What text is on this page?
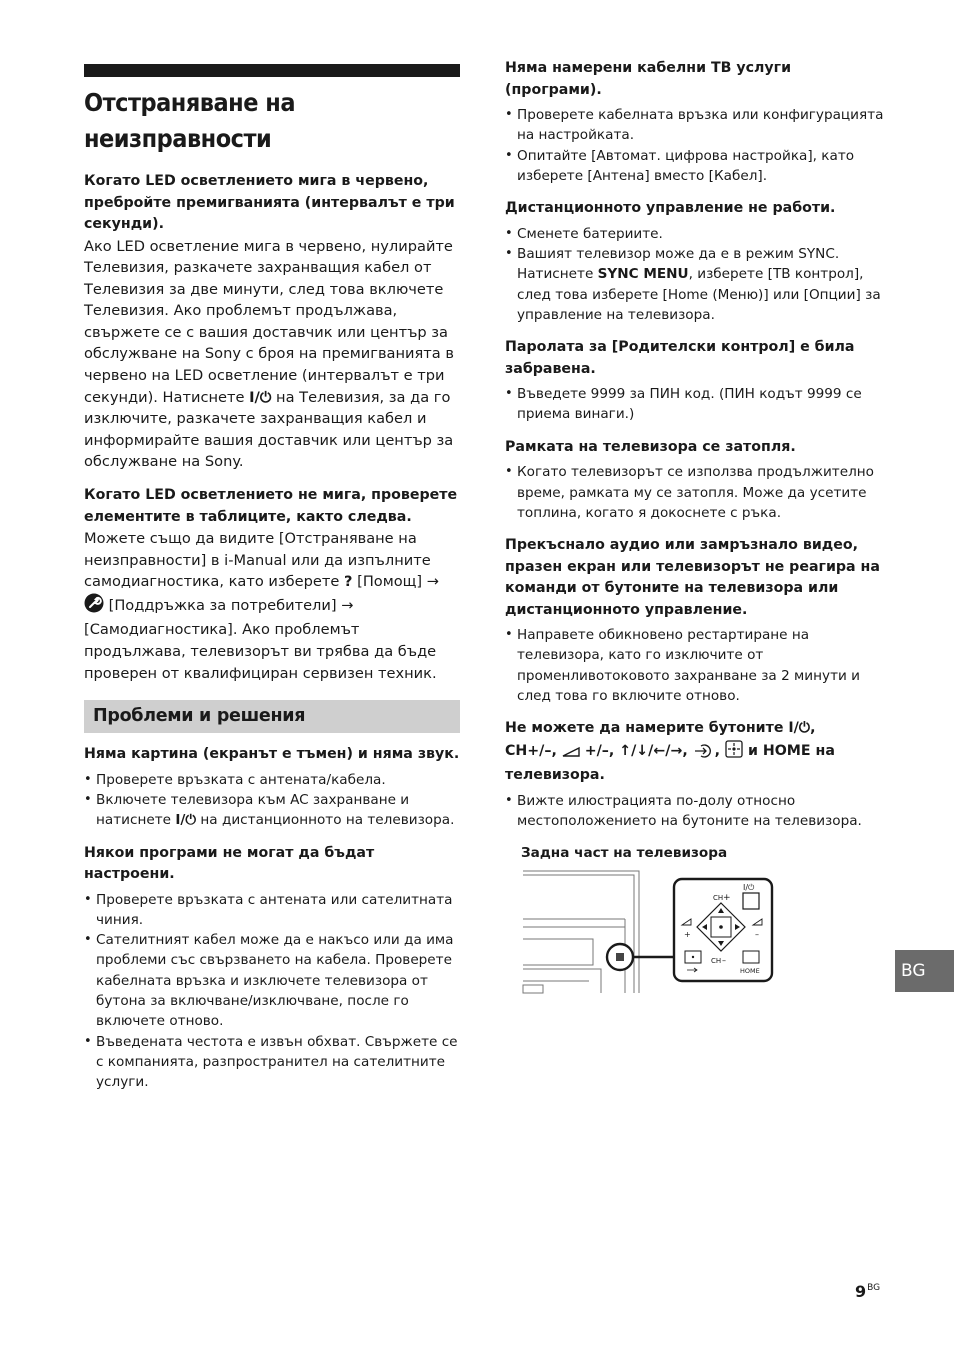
Отстраняване на неизправности
Когато LED осветлението мига в червено, пребройте премигванията (интервалът е три секунди).
Ако LED осветление мига в червено, нулирайте Телевизия, разкачете захранващия кабел от Телевизия за две минути, след това включете Телевизия. Ако проблемът продължава, свържете се с вашия доставчик или център за обслужване на Sony с броя на премигванията в червено на LED осветление (интервалът е три секунди). Натиснете I/⏻ на Телевизия, за да го изключите, разкачете захранващия кабел и информирайте вашия доставчик или център за обслужване на Sony.
Когато LED осветлението не мига, проверете елементите в таблиците, както следва.
Можете също да видите [Отстраняване на неизправности] в i-Manual или да изпълните самодиагностика, като изберете ? [Помощ] →  [Поддръжка за потребители] → [Самодиагностика]. Ако проблемът продължава, телевизорът ви трябва да бъде проверен от квалифициран сервизен техник.
Проблеми и решения
Няма картина (екранът е тъмен) и няма звук.
• Проверете връзката с антената/кабела.
• Включете телевизора към AC захранване и натиснете I/⏻ на дистанционното на телевизора.
Някои програми не могат да бъдат настроени.
• Проверете връзката с антената или сателитната чиния.
• Сателитният кабел може да е накъсо или да има проблеми със свързването на кабела. Проверете кабелната връзка и изключете телевизора от бутона за включване/изключване, после го включете отново.
• Въведената честота е извън обхват. Свържете се с компанията, разпространител на сателитните услуги.
Няма намерени кабелни ТВ услуги (програми).
• Проверете кабелната връзка или конфигурацията на настройката.
• Опитайте [Автомат. цифрова настройка], като изберете [Антена] вместо [Кабел].
Дистанционното управление не работи.
• Сменете батериите.
• Вашият телевизор може да е в режим SYNC. Натиснете SYNC MENU, изберете [ТВ контрол], след това изберете [Home (Меню)] или [Опции] за управление на телевизора.
Паролата за [Родителски контрол] е била забравена.
• Въведете 9999 за ПИН код. (ПИН кодът 9999 се приема винаги.)
Рамката на телевизора се затопля.
• Когато телевизорът се използва продължително време, рамката му се затопля. Може да усетите топлина, когато я докоснете с ръка.
Прекъснало аудио или замръзнало видео, празен екран или телевизорът не реагира на команди от бутоните на телевизора или дистанционното управление.
• Направете обикновено рестартиране на телевизора, като го изключите от променливотоковото захранване за 2 минути и след това го включите отново.
Не можете да намерите бутоните I/⏻,
CH+/–,  +/–, ↑/↓/←/→, ,  и HOME на телевизора.
• Вижте илюстрацията по-долу относно местоположението на бутоните на телевизора.
Задна част на телевизора
CH +
I/⏻
+	–
CH –
HOME	BG
$9^{BG}$
